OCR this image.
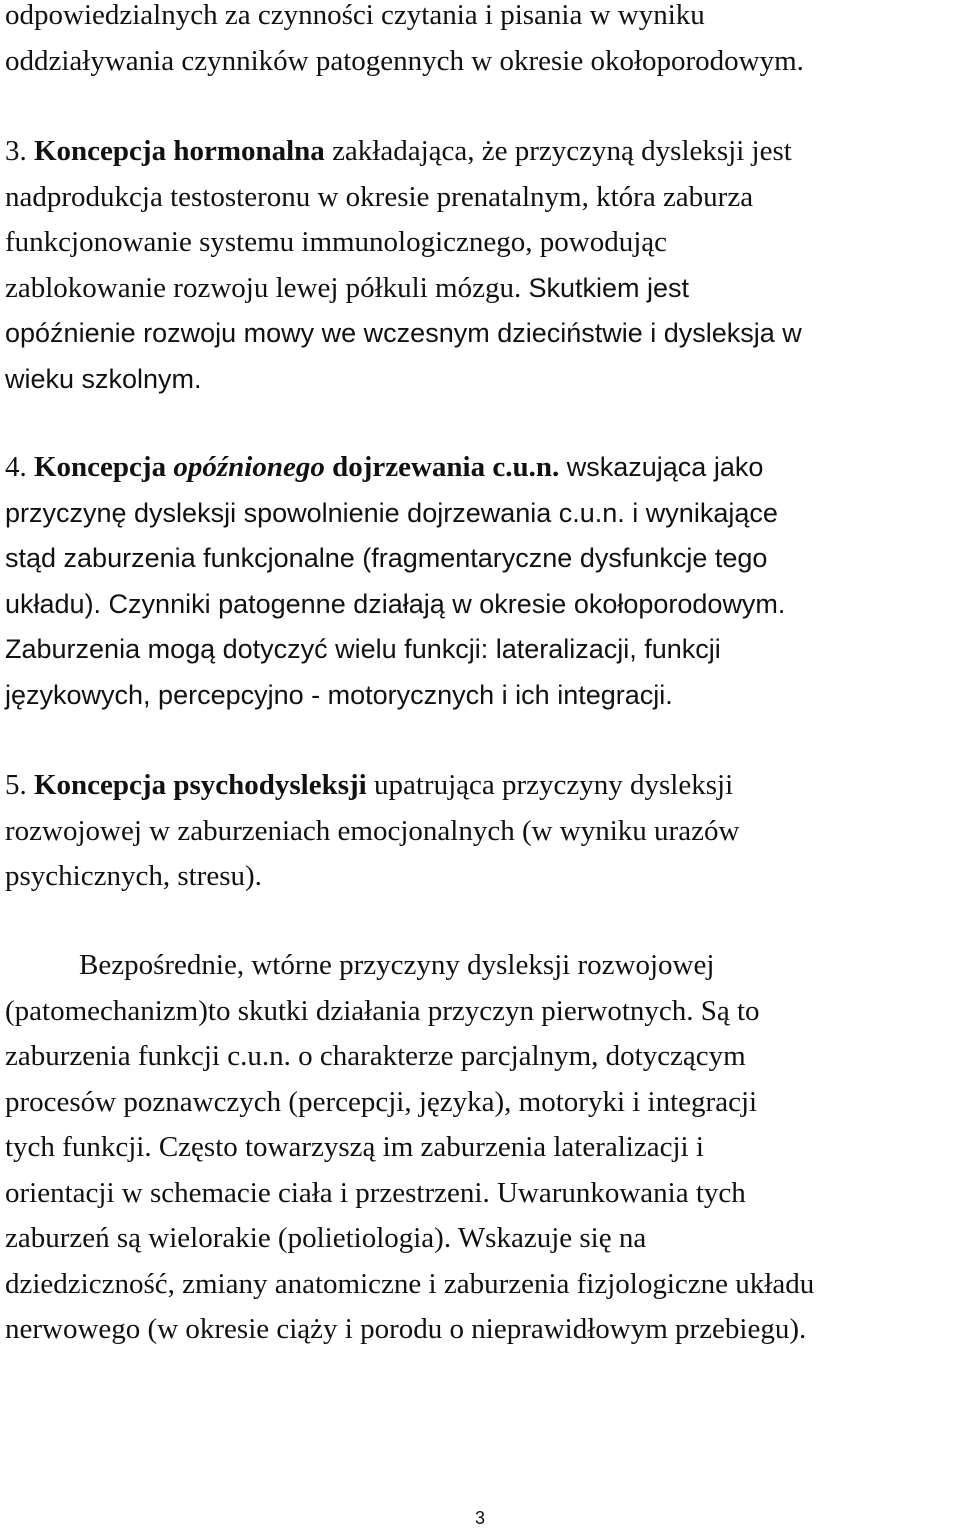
odpowiedzialnych za czynności czytania i pisania w wyniku
oddziaływania czynników patogennych w okresie okołoporodowym.

3. Koncepcja hormonalna zakładająca, że przyczyną dysleksji jest
nadprodukcja testosteronu w okresie prenatalnym, która zaburza
funkcjonowanie systemu immunologicznego, powodując
zablokowanie rozwoju lewej półkuli mózgu. Skutkiem jest
opóźnienie rozwoju mowy we wczesnym dzieciństwie i dysleksja w
wieku szkolnym.

4. Koncepcja opóźnionego dojrzewania c.u.n. wskazująca jako
przyczynę dysleksji spowolnienie dojrzewania c.u.n. i wynikające
stąd zaburzenia funkcjonalne (fragmentaryczne dysfunkcje tego
układu). Czynniki patogenne działają w okresie okołoporodowym.
Zaburzenia mogą dotyczyć wielu funkcji: lateralizacji, funkcji
językowych, percepcyjno - motorycznych i ich integracji.

5. Koncepcja psychodysleksji upatrująca przyczyny dysleksji
rozwojowej w zaburzeniach emocjonalnych (w wyniku urazów
psychicznych, stresu).

Bezpośrednie, wtórne przyczyny dysleksji rozwojowej
(patomechanizm)to skutki działania przyczyn pierwotnych. Są to
zaburzenia funkcji c.u.n. o charakterze parcjalnym, dotyczącym
procesów poznawczych (percepcji, języka), motoryki i integracji
tych funkcji. Często towarzyszą im zaburzenia lateralizacji i
orientacji w schemacie ciała i przestrzeni. Uwarunkowania tych
zaburzeń są wielorakie (polietiologia). Wskazuje się na
dziedziczność, zmiany anatomiczne i zaburzenia fizjologiczne układu
nerwowego (w okresie ciąży i porodu o nieprawidłowym przebiegu).

3
